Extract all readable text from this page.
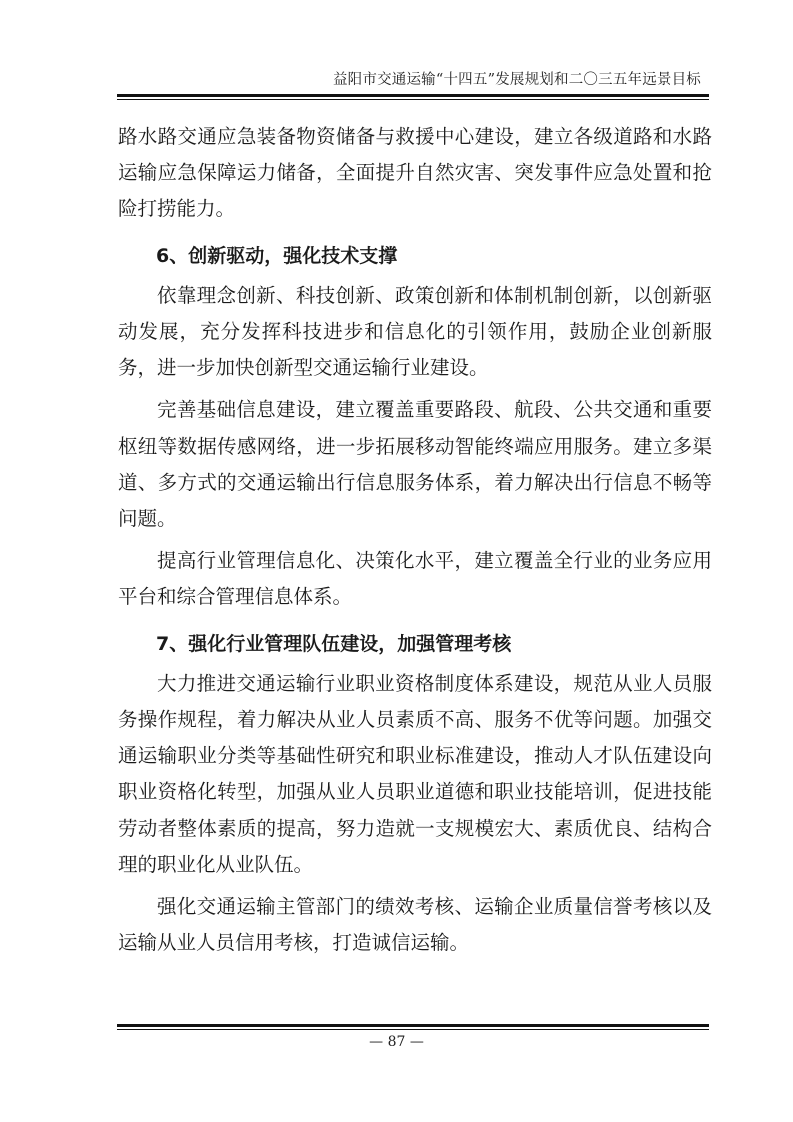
益阳市交通运输“十四五”发展规划和二〇三五年远景目标

路水路交通应急装备物资储备与救援中心建设，建立各级道路和水路运输应急保障运力储备，全面提升自然灾害、突发事件应急处置和抢险打捞能力。

6、创新驱动，强化技术支撑

依靠理念创新、科技创新、政策创新和体制机制创新，以创新驱动发展，充分发挥科技进步和信息化的引领作用，鼓励企业创新服务，进一步加快创新型交通运输行业建设。

完善基础信息建设，建立覆盖重要路段、航段、公共交通和重要枢纽等数据传感网络，进一步拓展移动智能终端应用服务。建立多渠道、多方式的交通运输出行信息服务体系，着力解决出行信息不畅等问题。

提高行业管理信息化、决策化水平，建立覆盖全行业的业务应用平台和综合管理信息体系。

7、强化行业管理队伍建设，加强管理考核

大力推进交通运输行业职业资格制度体系建设，规范从业人员服务操作规程，着力解决从业人员素质不高、服务不优等问题。加强交通运输职业分类等基础性研究和职业标准建设，推动人才队伍建设向职业资格化转型，加强从业人员职业道德和职业技能培训，促进技能劳动者整体素质的提高，努力造就一支规模宏大、素质优良、结构合理的职业化从业队伍。

强化交通运输主管部门的绩效考核、运输企业质量信誉考核以及运输从业人员信用考核，打造诚信运输。

— 87 —
